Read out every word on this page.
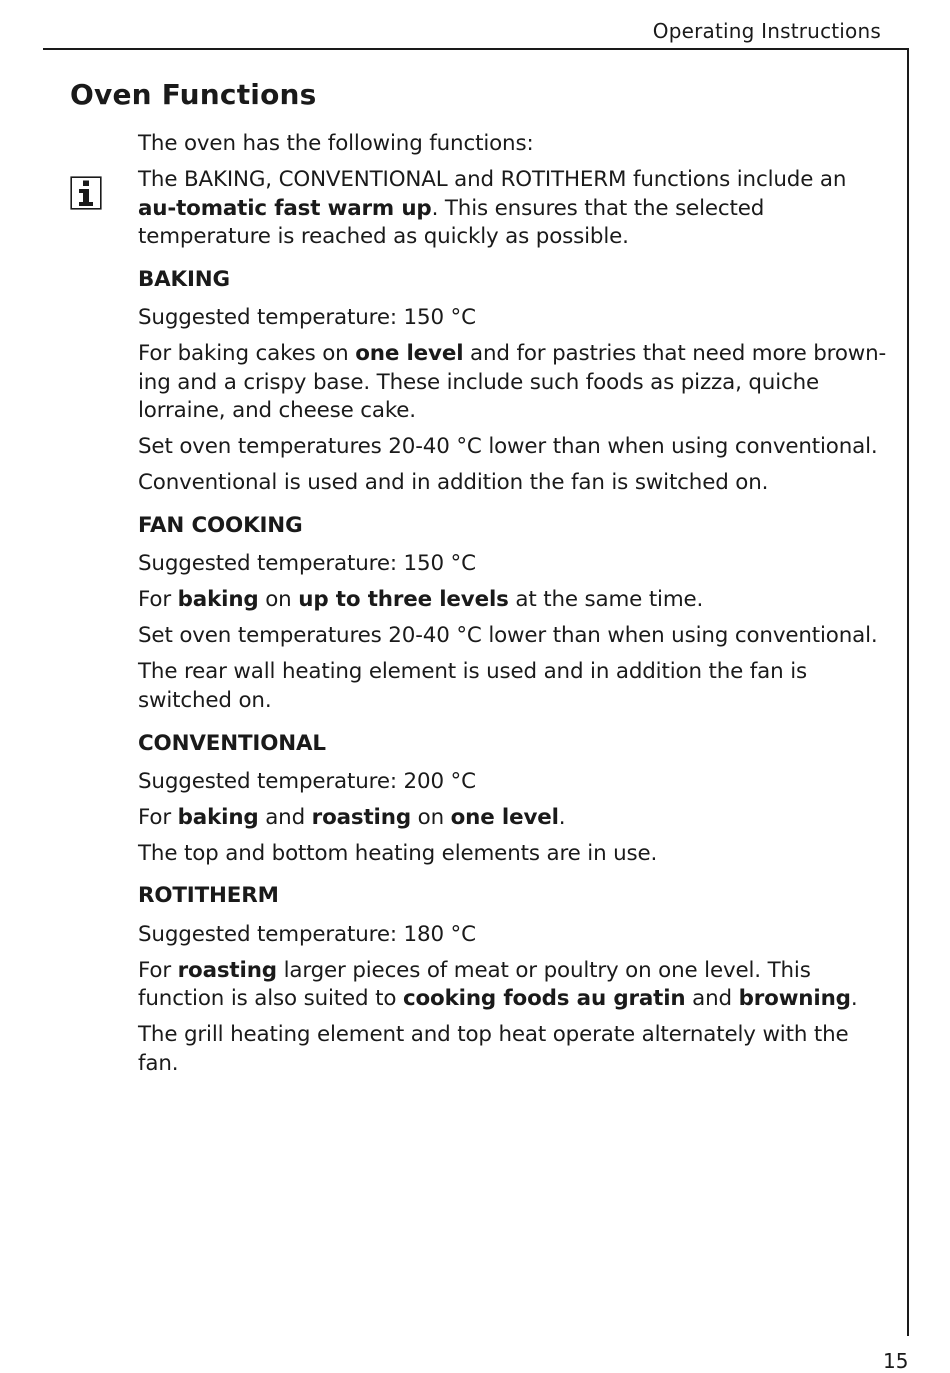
Operating Instructions
Oven Functions

The oven has the following functions:

The BAKING, CONVENTIONAL and ROTITHERM functions include an au-tomatic fast warm up. This ensures that the selected temperature is reached as quickly as possible.

BAKING

Suggested temperature: 150 °C

For baking cakes on one level and for pastries that need more brown-ing and a crispy base. These include such foods as pizza, quiche lorraine, and cheese cake.

Set oven temperatures 20-40 °C lower than when using conventional.

Conventional is used and in addition the fan is switched on.

FAN COOKING

Suggested temperature: 150 °C

For baking on up to three levels at the same time.

Set oven temperatures 20-40 °C lower than when using conventional.

The rear wall heating element is used and in addition the fan is switched on.

CONVENTIONAL

Suggested temperature: 200 °C

For baking and roasting on one level.

The top and bottom heating elements are in use.

ROTITHERM

Suggested temperature: 180 °C

For roasting larger pieces of meat or poultry on one level. This function is also suited to cooking foods au gratin and browning.

The grill heating element and top heat operate alternately with the fan.

15
